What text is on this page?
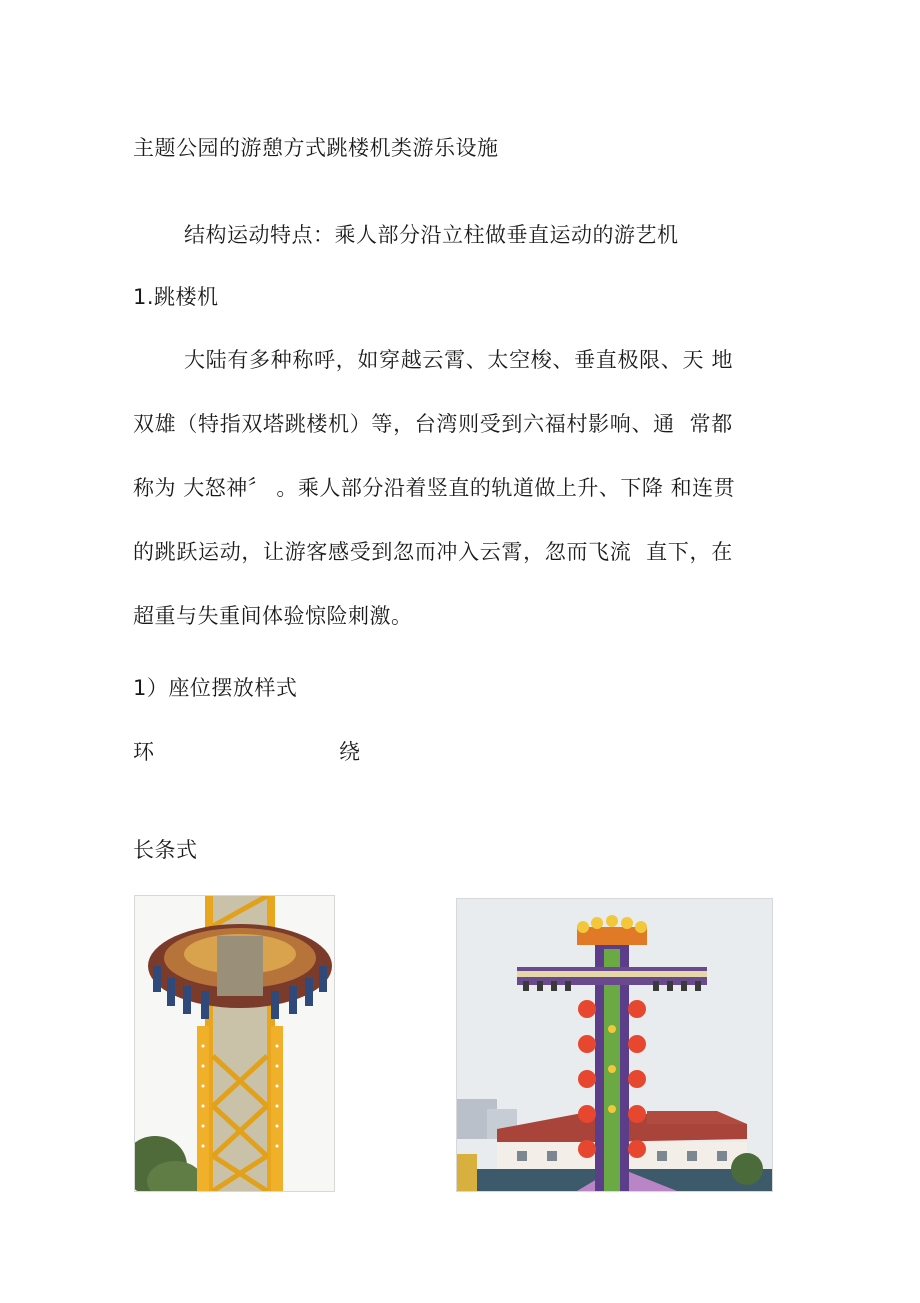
主题公园的游憩方式跳楼机类游乐设施
结构运动特点：乘人部分沿立柱做垂直运动的游艺机
1.跳楼机
大 陆 有 多 种 称 呼 ， 如 穿 越 云 霄 、 太 空 梭 、 垂 直 极 限 、 天
地
双 雄 （ 特 指 双 塔 跳 楼 机 ） 等 ， 台 湾 则 受 到 六 福 村 影 响 、 通

常 都
称 为
大 怒 神 〞
。 乘 人 部 分 沿 着 竖 直 的 轨 道 做 上 升 、 下 降
和 连 贯
的 跳 跃 运 动 ， 让 游 客 感 受 到 忽 而 冲 入 云 霄 ， 忽 而 飞 流

直 下 ， 在
超重与失重间体验惊险刺激。
1）座位摆放样式
环	绕
长条式
